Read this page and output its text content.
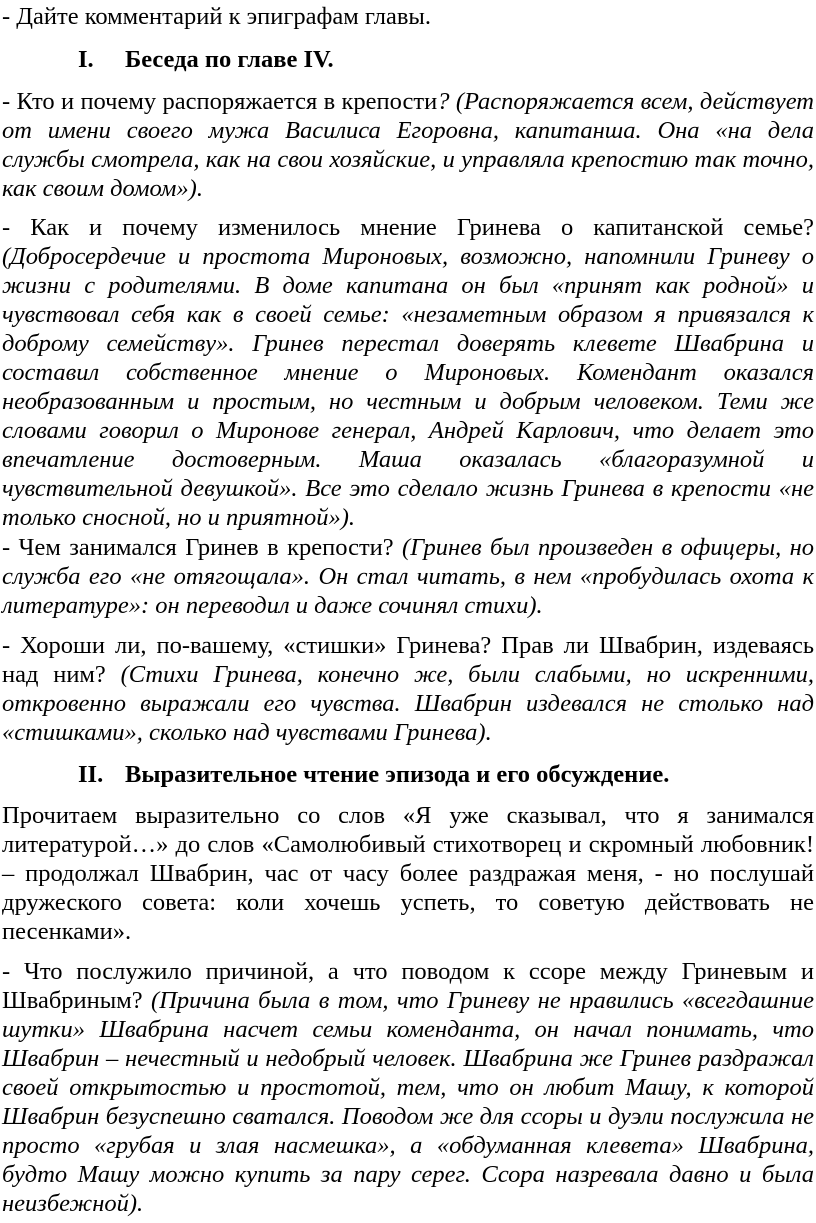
- Дайте комментарий к эпиграфам главы.

I. Беседа по главе IV.

- Кто и почему распоряжается в крепости? (Распоряжается всем, действует от имени своего мужа Василиса Егоровна, капитанша. Она «на дела службы смотрела, как на свои хозяйские, и управляла крепостию так точно, как своим домом»).

- Как и почему изменилось мнение Гринева о капитанской семье? (Добросердечие и простота Мироновых, возможно, напомнили Гриневу о жизни с родителями. В доме капитана он был «принят как родной» и чувствовал себя как в своей семье: «незаметным образом я привязался к доброму семейству». Гринев перестал доверять клевете Швабрина и составил собственное мнение о Мироновых. Комендант оказался необразованным и простым, но честным и добрым человеком. Теми же словами говорил о Миронове генерал, Андрей Карлович, что делает это впечатление достоверным. Маша оказалась «благоразумной и чувствительной девушкой». Все это сделало жизнь Гринева в крепости «не только сносной, но и приятной»).

- Чем занимался Гринев в крепости? (Гринев был произведен в офицеры, но служба его «не отягощала». Он стал читать, в нем «пробудилась охота к литературе»: он переводил и даже сочинял стихи).

- Хороши ли, по-вашему, «стишки» Гринева? Прав ли Швабрин, издеваясь над ним? (Стихи Гринева, конечно же, были слабыми, но искренними, откровенно выражали его чувства. Швабрин издевался не столько над «стишками», сколько над чувствами Гринева).

II. Выразительное чтение эпизода и его обсуждение.

Прочитаем выразительно со слов «Я уже сказывал, что я занимался литературой…» до слов «Самолюбивый стихотворец и скромный любовник! – продолжал Швабрин, час от часу более раздражая меня, - но послушай дружеского совета: коли хочешь успеть, то советую действовать не песенками».

- Что послужило причиной, а что поводом к ссоре между Гриневым и Швабриным? (Причина была в том, что Гриневу не нравились «всегдашние шутки» Швабрина насчет семьи коменданта, он начал понимать, что Швабрин – нечестный и недобрый человек. Швабрина же Гринев раздражал своей открытостью и простотой, тем, что он любит Машу, к которой Швабрин безуспешно сватался. Поводом же для ссоры и дуэли послужила не просто «грубая и злая насмешка», а «обдуманная клевета» Швабрина, будто Машу можно купить за пару серег. Ссора назревала давно и была неизбежной).
